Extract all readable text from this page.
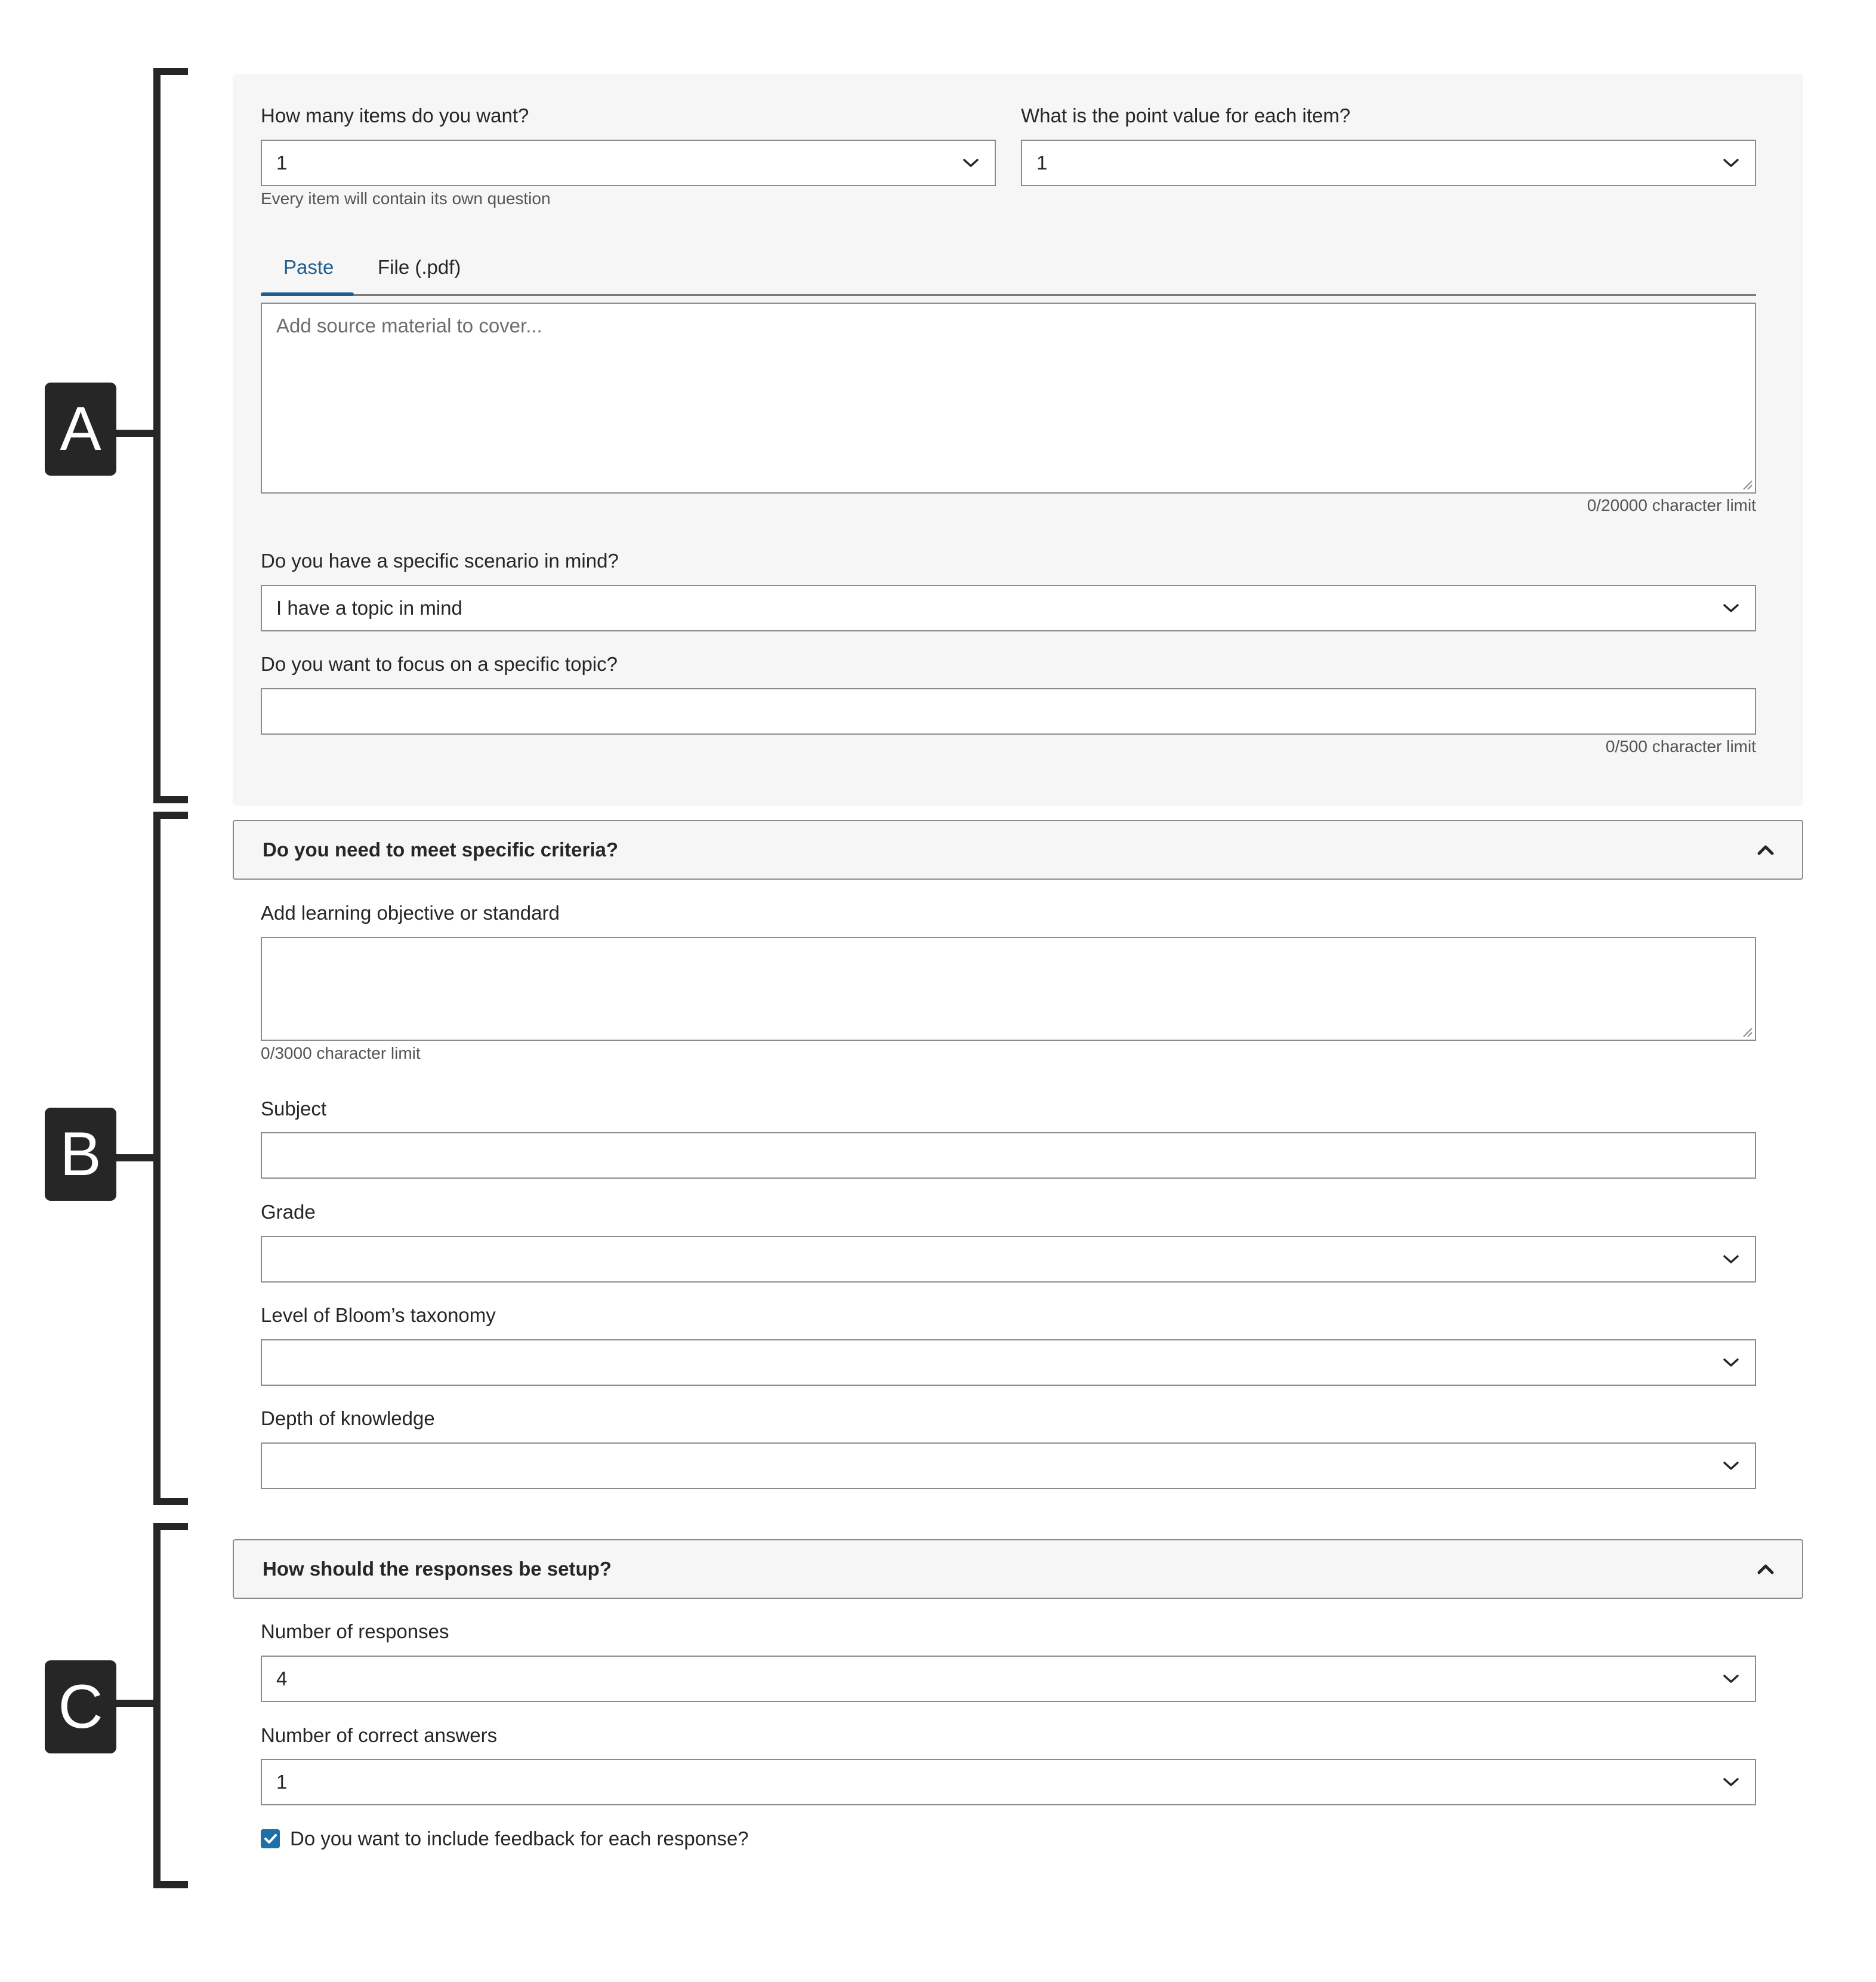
A
B
C
How many items do you want?
1
Every item will contain its own question
What is the point value for each item?
1
Paste File (.pdf)
Add source material to cover...
0/20000 character limit
Do you have a specific scenario in mind?
I have a topic in mind
Do you want to focus on a specific topic?
0/500 character limit
Do you need to meet specific criteria?
Add learning objective or standard
0/3000 character limit
Subject
Grade
Level of Bloom’s taxonomy
Depth of knowledge
How should the responses be setup?
Number of responses
4
Number of correct answers
1
Do you want to include feedback for each response?
